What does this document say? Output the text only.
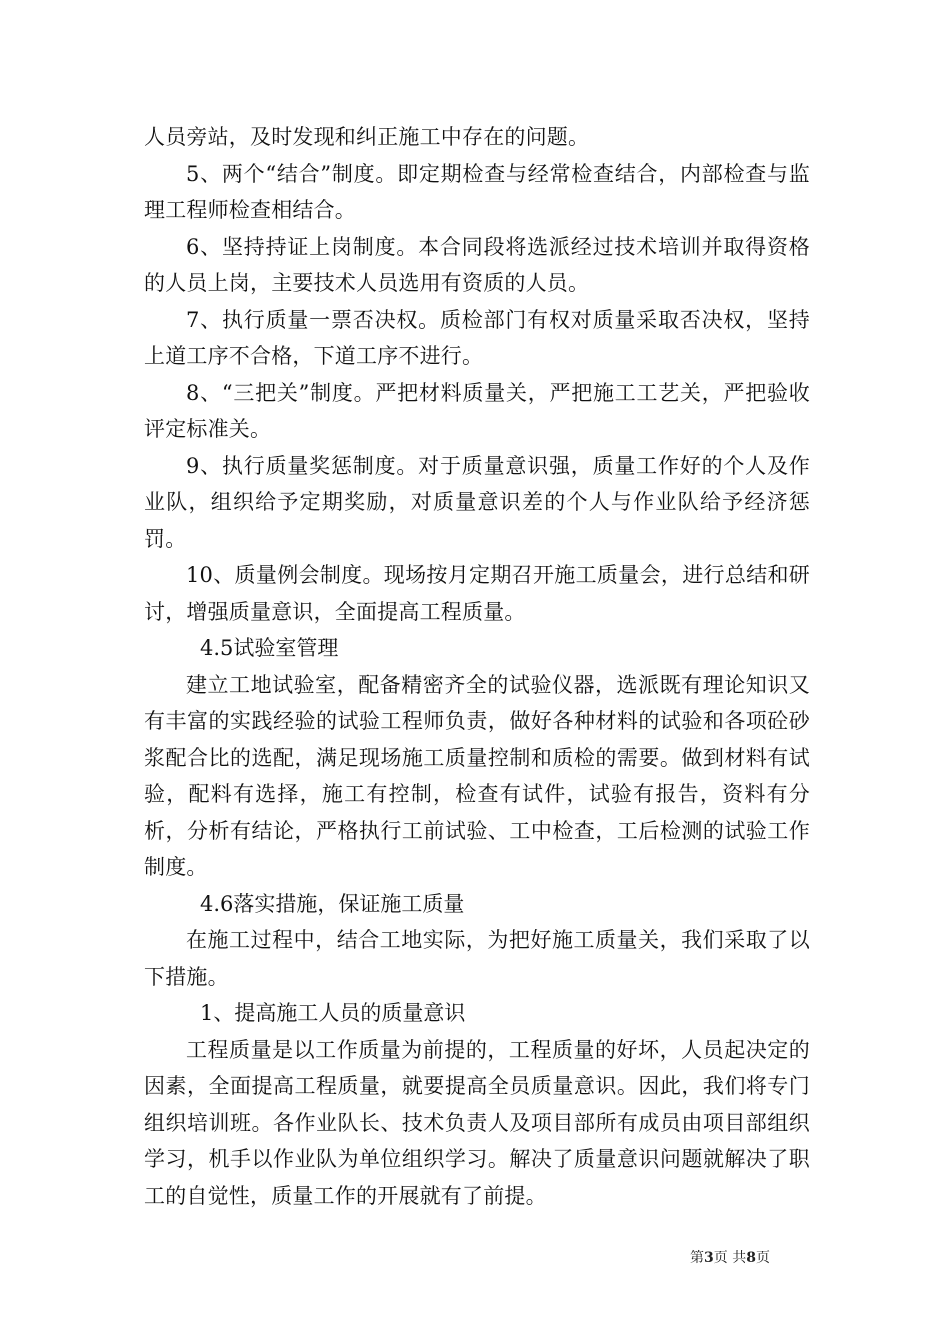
人员旁站，及时发现和纠正施工中存在的问题。

5、两个“结合”制度。即定期检查与经常检查结合，内部检查与监理工程师检查相结合。

6、坚持持证上岗制度。本合同段将选派经过技术培训并取得资格的人员上岗，主要技术人员选用有资质的人员。

7、执行质量一票否决权。质检部门有权对质量采取否决权，坚持上道工序不合格，下道工序不进行。

8、“三把关”制度。严把材料质量关，严把施工工艺关，严把验收评定标准关。

9、执行质量奖惩制度。对于质量意识强，质量工作好的个人及作业队，组织给予定期奖励，对质量意识差的个人与作业队给予经济惩罚。

10、质量例会制度。现场按月定期召开施工质量会，进行总结和研讨，增强质量意识，全面提高工程质量。

4.5试验室管理

建立工地试验室，配备精密齐全的试验仪器，选派既有理论知识又有丰富的实践经验的试验工程师负责，做好各种材料的试验和各项砼砂浆配合比的选配，满足现场施工质量控制和质检的需要。做到材料有试验，配料有选择，施工有控制，检查有试件，试验有报告，资料有分析，分析有结论，严格执行工前试验、工中检查，工后检测的试验工作制度。

4.6落实措施，保证施工质量

在施工过程中，结合工地实际，为把好施工质量关，我们采取了以下措施。

1、提高施工人员的质量意识

工程质量是以工作质量为前提的，工程质量的好坏，人员起决定的因素，全面提高工程质量，就要提高全员质量意识。因此，我们将专门组织培训班。各作业队长、技术负责人及项目部所有成员由项目部组织学习，机手以作业队为单位组织学习。解决了质量意识问题就解决了职工的自觉性，质量工作的开展就有了前提。

第3页 共8页
